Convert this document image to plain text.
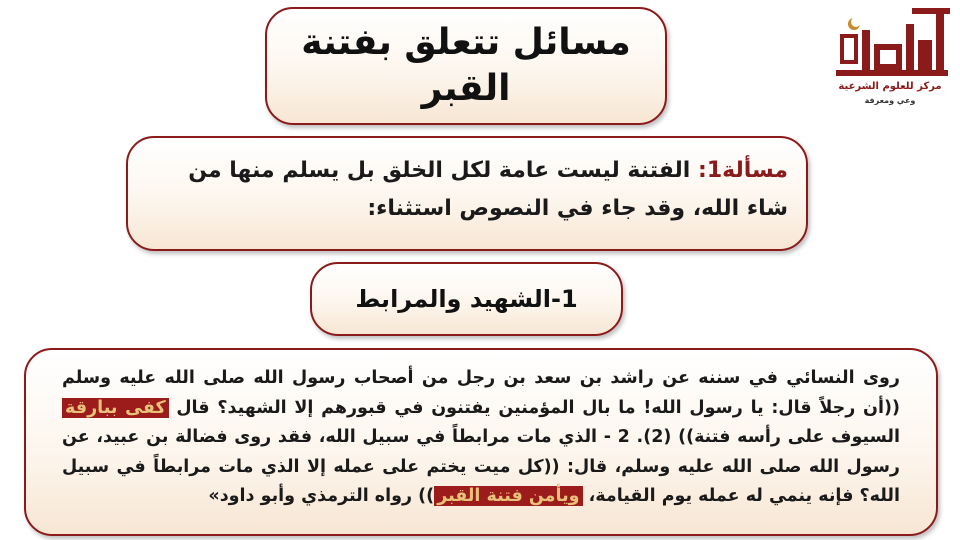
مركز للعلوم الشرعية
وعي ومعرفة
مسائل تتعلق بفتنة القبر
مسألة1: الفتنة ليست عامة لكل الخلق بل يسلم منها من شاء الله، وقد جاء في النصوص استثناء:
1-الشهيد والمرابط
روى النسائي في سننه عن راشد بن سعد بن رجل من أصحاب رسول الله صلى الله عليه وسلم ((أن رجلاً قال: يا رسول الله! ما بال المؤمنين يفتنون في قبورهم إلا الشهيد؟ قال كفى ببارقة السيوف على رأسه فتنة)) (2). 2 - الذي مات مرابطاً في سبيل الله، فقد روى فضالة بن عبيد، عن رسول الله صلى الله عليه وسلم، قال: ((كل ميت يختم على عمله إلا الذي مات مرابطاً في سبيل الله؟ فإنه ينمي له عمله يوم القيامة، ويأمن فتنة القبر)) رواه الترمذي وأبو داود»
